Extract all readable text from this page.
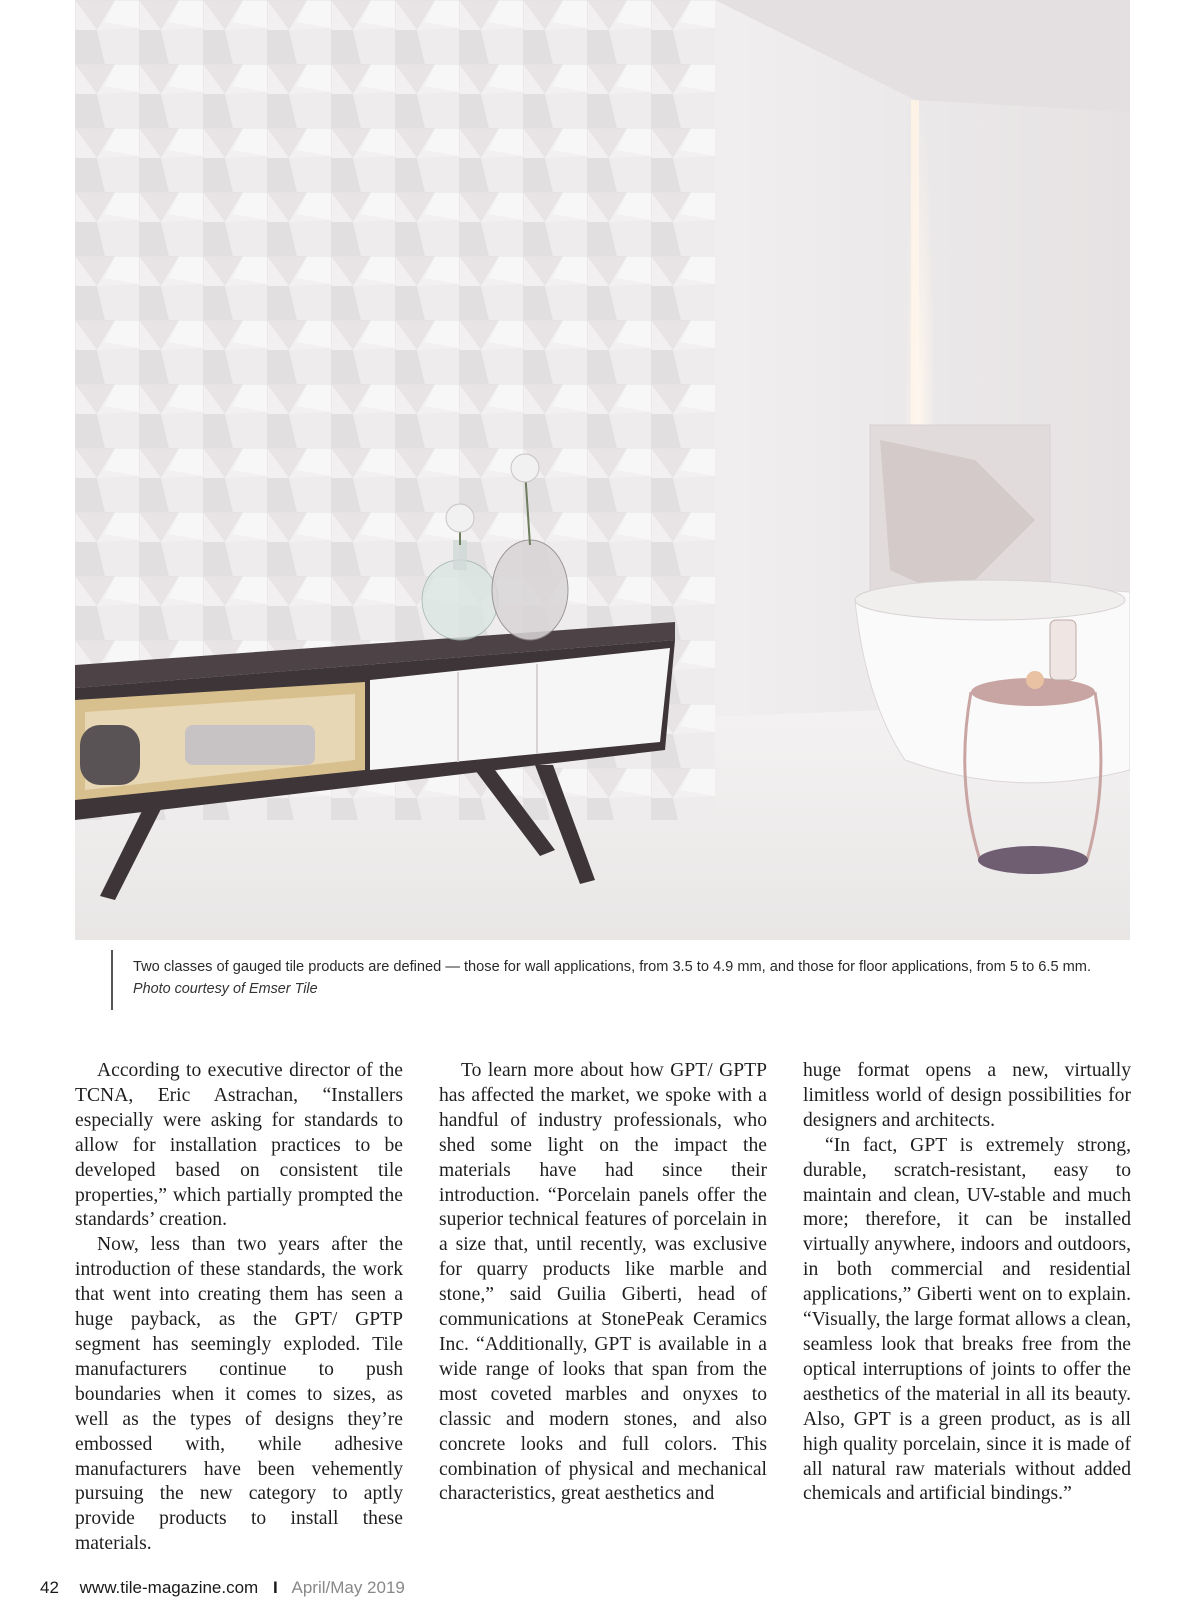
Two classes of gauged tile products are defined — those for wall applications, from 3.5 to 4.9 mm, and those for floor applications, from 5 to 6.5 mm.
Photo courtesy of Emser Tile

According to executive director of the TCNA, Eric Astrachan, “Installers especially were asking for standards to allow for installation practices to be developed based on consistent tile properties,” which partially prompted the standards’ creation.

Now, less than two years after the introduction of these standards, the work that went into creating them has seen a huge payback, as the GPT/ GPTP segment has seemingly exploded. Tile manufacturers continue to push boundaries when it comes to sizes, as well as the types of designs they’re embossed with, while adhesive manufacturers have been vehemently pursuing the new category to aptly provide products to install these materials.

To learn more about how GPT/ GPTP has affected the market, we spoke with a handful of industry professionals, who shed some light on the impact the materials have had since their introduction. “Porcelain panels offer the superior technical features of porcelain in a size that, until recently, was exclusive for quarry products like marble and stone,” said Guilia Giberti, head of communications at StonePeak Ceramics Inc. “Additionally, GPT is available in a wide range of looks that span from the most coveted marbles and onyxes to classic and modern stones, and also concrete looks and full colors. This combination of physical and mechanical characteristics, great aesthetics and

huge format opens a new, virtually limitless world of design possibilities for designers and architects.

“In fact, GPT is extremely strong, durable, scratch-resistant, easy to maintain and clean, UV-stable and much more; therefore, it can be installed virtually anywhere, indoors and outdoors, in both commercial and residential applications,” Giberti went on to explain. “Visually, the large format allows a clean, seamless look that breaks free from the optical interruptions of joints to offer the aesthetics of the material in all its beauty. Also, GPT is a green product, as is all high quality porcelain, since it is made of all natural raw materials without added chemicals and artificial bindings.”

42 www.tile-magazine.com I April/May 2019
